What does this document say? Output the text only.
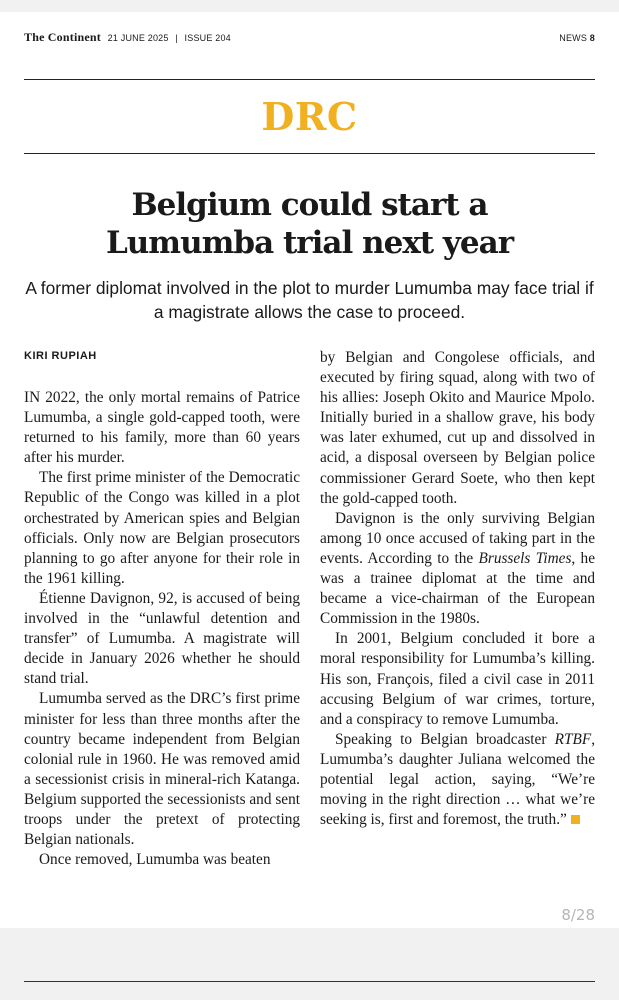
The Continent 21 JUNE 2025 | ISSUE 204	NEWS 8
DRC
Belgium could start a
Lumumba trial next year
A former diplomat involved in the plot to murder Lumumba may face trial if a magistrate allows the case to proceed.
KIRI RUPIAH

IN 2022, the only mortal remains of Patrice Lumumba, a single gold-capped tooth, were returned to his family, more than 60 years after his murder.

The first prime minister of the Democratic Republic of the Congo was killed in a plot orchestrated by American spies and Belgian officials. Only now are Belgian prosecutors planning to go after anyone for their role in the 1961 killing.

Étienne Davignon, 92, is accused of being involved in the “unlawful detention and transfer” of Lumumba. A magistrate will decide in January 2026 whether he should stand trial.

Lumumba served as the DRC’s first prime minister for less than three months after the country became independent from Belgian colonial rule in 1960. He was removed amid a secessionist crisis in mineral-rich Katanga. Belgium supported the secessionists and sent troops under the pretext of protecting Belgian nationals.

Once removed, Lumumba was beaten

by Belgian and Congolese officials, and executed by firing squad, along with two of his allies: Joseph Okito and Maurice Mpolo. Initially buried in a shallow grave, his body was later exhumed, cut up and dissolved in acid, a disposal overseen by Belgian police commissioner Gerard Soete, who then kept the gold-capped tooth.

Davignon is the only surviving Belgian among 10 once accused of taking part in the events. According to the Brussels Times, he was a trainee diplomat at the time and became a vice-chairman of the European Commission in the 1980s.

In 2001, Belgium concluded it bore a moral responsibility for Lumumba’s killing. His son, François, filed a civil case in 2011 accusing Belgium of war crimes, torture, and a conspiracy to remove Lumumba.

Speaking to Belgian broadcaster RTBF, Lumumba’s daughter Juliana welcomed the potential legal action, saying, “We’re moving in the right direction … what we’re seeking is, first and foremost, the truth.”

8/28
